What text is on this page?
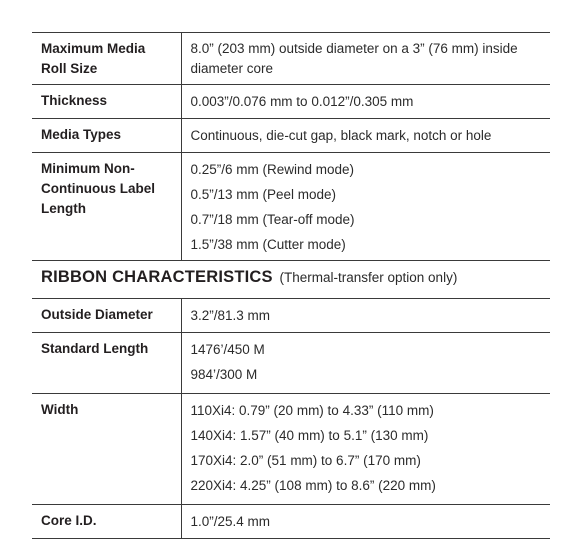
Maximum Media
Roll Size	8.0” (203 mm) outside diameter on a 3” (76 mm) inside diameter core

Thickness	0.003”/0.076 mm to 0.012”/0.305 mm

Media Types	Continuous, die-cut gap, black mark, notch or hole

Minimum Non-
Continuous Label
Length	0.25”/6 mm (Rewind mode)
0.5”/13 mm (Peel mode)
0.7”/18 mm (Tear-off mode)
1.5”/38 mm (Cutter mode)

RIBBON CHARACTERISTICS (Thermal-transfer option only)	

Outside Diameter	3.2”/81.3 mm

Standard Length	1476’/450 M
984’/300 M

Width	110Xi4: 0.79” (20 mm) to 4.33” (110 mm)
140Xi4: 1.57” (40 mm) to 5.1” (130 mm)
170Xi4: 2.0” (51 mm) to 6.7” (170 mm)
220Xi4: 4.25” (108 mm) to 8.6” (220 mm)

Core I.D.	1.0”/25.4 mm
